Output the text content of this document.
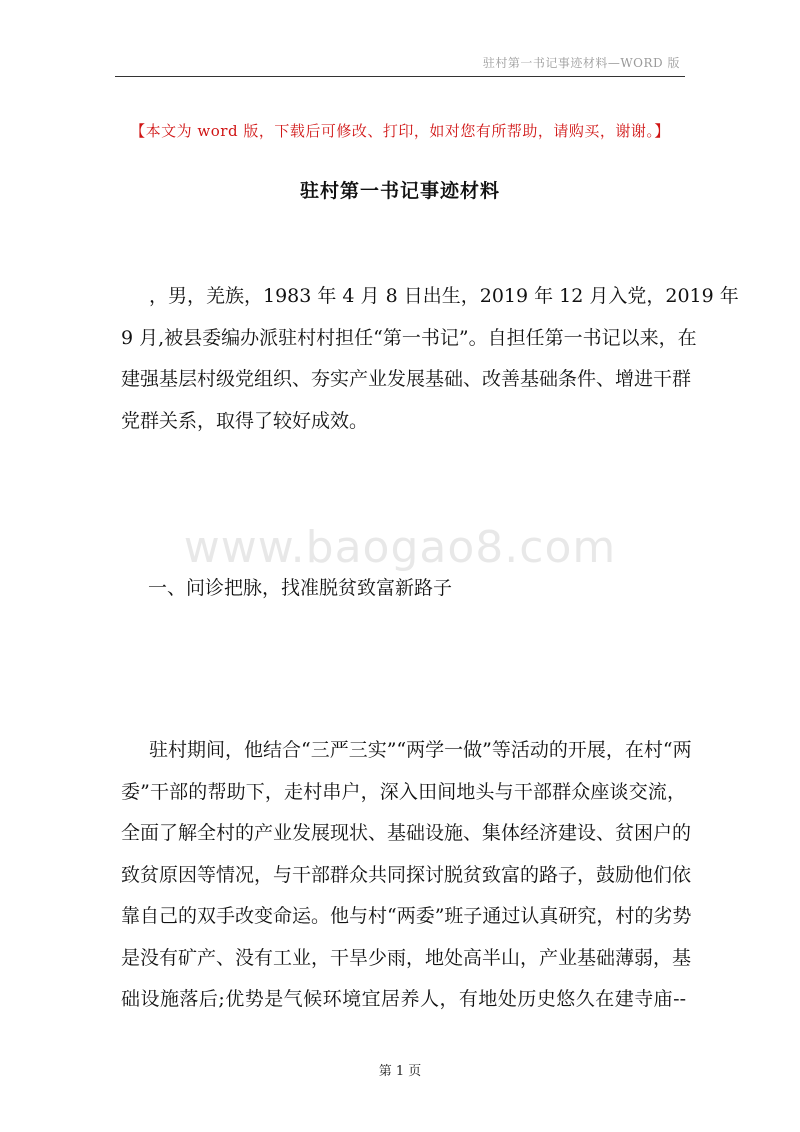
驻村第一书记事迹材料—WORD 版
【本文为 word 版，下载后可修改、打印，如对您有所帮助，请购买，谢谢。】
驻村第一书记事迹材料
，男，羌族，1983 年 4 月 8 日出生，2019 年 12 月入党，2019 年
9 月,被县委编办派驻村村担任“第一书记”。自担任第一书记以来，在
建强基层村级党组织、夯实产业发展基础、改善基础条件、增进干群
党群关系，取得了较好成效。
www.baogao8.com
一、问诊把脉，找准脱贫致富新路子
驻村期间，他结合“三严三实”“两学一做”等活动的开展，在村“两
委”干部的帮助下，走村串户，深入田间地头与干部群众座谈交流，
全面了解全村的产业发展现状、基础设施、集体经济建设、贫困户的
致贫原因等情况，与干部群众共同探讨脱贫致富的路子，鼓励他们依
靠自己的双手改变命运。他与村“两委”班子通过认真研究，村的劣势
是没有矿产、没有工业，干旱少雨，地处高半山，产业基础薄弱，基
础设施落后;优势是气候环境宜居养人，有地处历史悠久在建寺庙--
第 1 页
